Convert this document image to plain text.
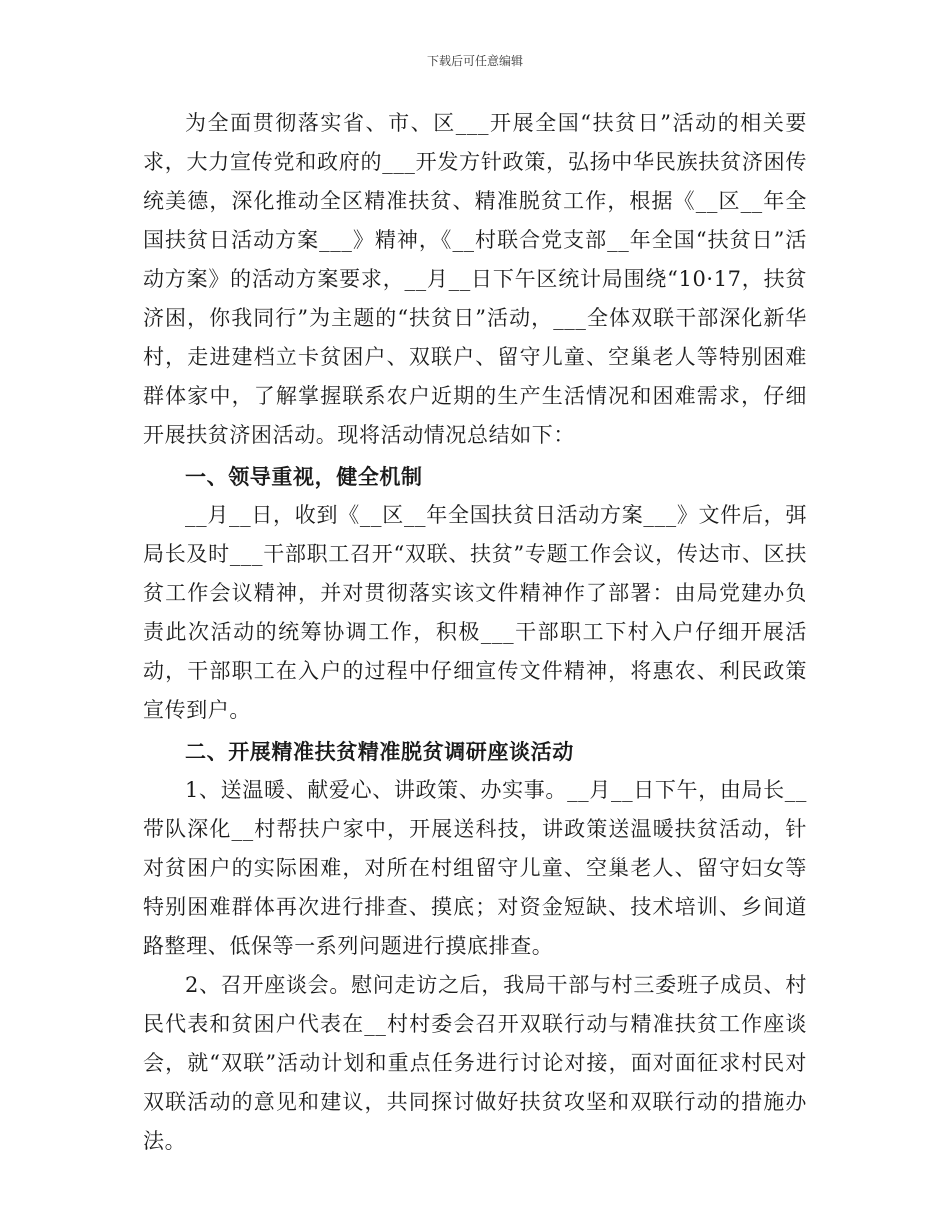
下载后可任意编辑

为全面贯彻落实省、市、区___开展全国“扶贫日”活动的相关要求，大力宣传党和政府的___开发方针政策，弘扬中华民族扶贫济困传统美德，深化推动全区精准扶贫、精准脱贫工作，根据《__区__年全国扶贫日活动方案___》精神，《__村联合党支部__年全国“扶贫日”活动方案》的活动方案要求，__月__日下午区统计局围绕“10·17，扶贫济困，你我同行”为主题的“扶贫日”活动，___全体双联干部深化新华村，走进建档立卡贫困户、双联户、留守儿童、空巢老人等特别困难群体家中，了解掌握联系农户近期的生产生活情况和困难需求，仔细开展扶贫济困活动。现将活动情况总结如下：

一、领导重视，健全机制

__月__日，收到《__区__年全国扶贫日活动方案___》文件后，弭局长及时___干部职工召开“双联、扶贫”专题工作会议，传达市、区扶贫工作会议精神，并对贯彻落实该文件精神作了部署：由局党建办负责此次活动的统筹协调工作，积极___干部职工下村入户仔细开展活动，干部职工在入户的过程中仔细宣传文件精神，将惠农、利民政策宣传到户。

二、开展精准扶贫精准脱贫调研座谈活动

1、送温暖、献爱心、讲政策、办实事。__月__日下午，由局长__带队深化__村帮扶户家中，开展送科技，讲政策送温暖扶贫活动，针对贫困户的实际困难，对所在村组留守儿童、空巢老人、留守妇女等特别困难群体再次进行排查、摸底；对资金短缺、技术培训、乡间道路整理、低保等一系列问题进行摸底排查。

2、召开座谈会。慰问走访之后，我局干部与村三委班子成员、村民代表和贫困户代表在__村村委会召开双联行动与精准扶贫工作座谈会，就“双联”活动计划和重点任务进行讨论对接，面对面征求村民对双联活动的意见和建议，共同探讨做好扶贫攻坚和双联行动的措施办法。
